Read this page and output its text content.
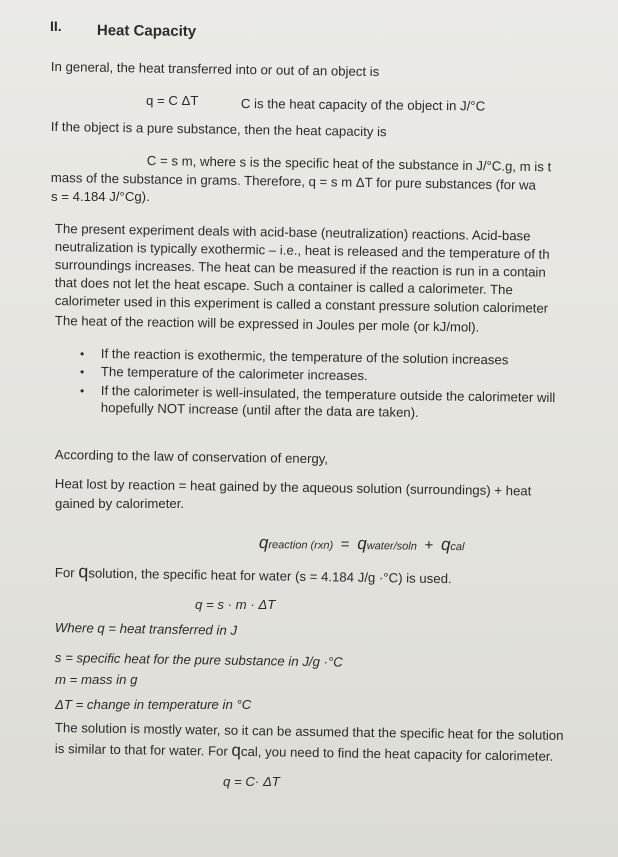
II. Heat Capacity
In general, the heat transferred into or out of an object is
q = C ΔT	C is the heat capacity of the object in J/°C
If the object is a pure substance, then the heat capacity is
C = s m, where s is the specific heat of the substance in J/°C.g, m is t
mass of the substance in grams. Therefore, q = s m ΔT for pure substances (for wa
s = 4.184 J/°Cg).
The present experiment deals with acid-base (neutralization) reactions. Acid-base
neutralization is typically exothermic – i.e., heat is released and the temperature of th
surroundings increases. The heat can be measured if the reaction is run in a contain
that does not let the heat escape. Such a container is called a calorimeter. The
calorimeter used in this experiment is called a constant pressure solution calorimeter
The heat of the reaction will be expressed in Joules per mole (or kJ/mol).
• If the reaction is exothermic, the temperature of the solution increases
• The temperature of the calorimeter increases.
• If the calorimeter is well-insulated, the temperature outside the calorimeter will
hopefully NOT increase (until after the data are taken).
According to the law of conservation of energy,
Heat lost by reaction = heat gained by the aqueous solution (surroundings) + heat
gained by calorimeter.
qreaction (rxn) = qwater/soln + qcal
For qsolution, the specific heat for water (s = 4.184 J/g ·°C) is used.
q = s · m · ΔT
Where q = heat transferred in J
s = specific heat for the pure substance in J/g ·°C
m = mass in g
ΔT = change in temperature in °C
The solution is mostly water, so it can be assumed that the specific heat for the solution
is similar to that for water. For qcal, you need to find the heat capacity for calorimeter.
q = C· ΔT
